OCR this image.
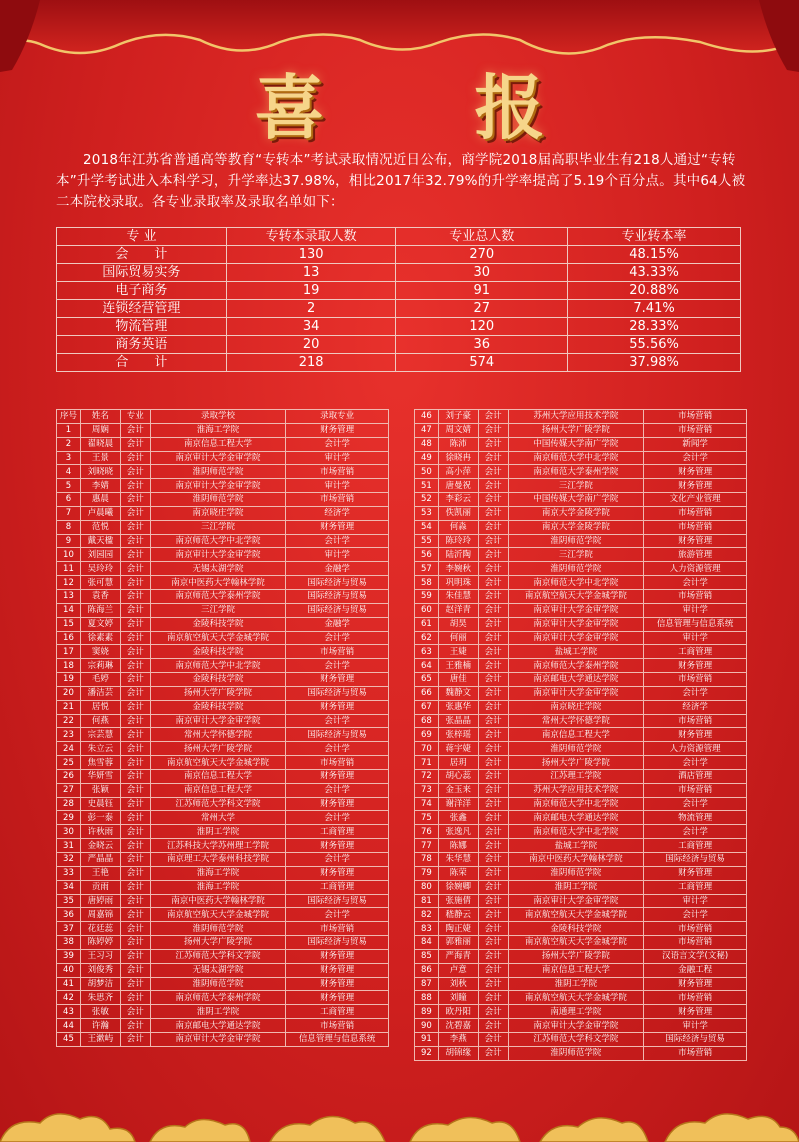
喜 报
2018年江苏省普通高等教育“专转本”考试录取情况近日公布，商学院2018届高职毕业生有218人通过“专转本”升学考试进入本科学习，升学率达37.98%，相比2017年32.79%的升学率提高了5.19个百分点。其中64人被二本院校录取。各专业录取率及录取名单如下：
专 业	专转本录取人数	专业总人数	专业转本率
会　　计	130	270	48.15%
国际贸易实务	13	30	43.33%
电子商务	19	91	20.88%
连锁经营管理	2	27	7.41%
物流管理	34	120	28.33%
商务英语	20	36	55.56%
合　　计	218	574	37.98%
序号	姓名	专业	录取学校	录取专业
1	周娴	会计	淮海工学院	财务管理
2	翟晓晨	会计	南京信息工程大学	会计学
3	王景	会计	南京审计大学金审学院	审计学
4	刘晓晓	会计	淮阴师范学院	市场营销
5	李婧	会计	南京审计大学金审学院	审计学
6	惠晨	会计	淮阴师范学院	市场营销
7	卢晨曦	会计	南京晓庄学院	经济学
8	范悦	会计	三江学院	财务管理
9	戴天楹	会计	南京师范大学中北学院	会计学
10	刘园园	会计	南京审计大学金审学院	审计学
11	吴玲玲	会计	无锡太湖学院	金融学
12	张可慧	会计	南京中医药大学翰林学院	国际经济与贸易
13	袁香	会计	南京师范大学泰州学院	国际经济与贸易
14	陈海兰	会计	三江学院	国际经济与贸易
15	夏文婷	会计	金陵科技学院	金融学
16	徐素素	会计	南京航空航天大学金城学院	会计学
17	窦娆	会计	金陵科技学院	市场营销
18	宗莉琳	会计	南京师范大学中北学院	会计学
19	毛婷	会计	金陵科技学院	财务管理
20	潘洁芸	会计	扬州大学广陵学院	国际经济与贸易
21	居悦	会计	金陵科技学院	财务管理
22	何燕	会计	南京审计大学金审学院	会计学
23	宗芸慧	会计	常州大学怀德学院	国际经济与贸易
24	朱立云	会计	扬州大学广陵学院	会计学
25	焦雪蓉	会计	南京航空航天大学金城学院	市场营销
26	华妍雪	会计	南京信息工程大学	财务管理
27	张颖	会计	南京信息工程大学	会计学
28	史晨钰	会计	江苏师范大学科文学院	财务管理
29	彭一泰	会计	常州大学	会计学
30	许秋雨	会计	淮阴工学院	工商管理
31	金晓云	会计	江苏科技大学苏州理工学院	财务管理
32	严晶晶	会计	南京理工大学泰州科技学院	会计学
33	王艳	会计	淮海工学院	财务管理
34	贡雨	会计	淮海工学院	工商管理
35	唐婷雨	会计	南京中医药大学翰林学院	国际经济与贸易
36	周嘉锦	会计	南京航空航天大学金城学院	会计学
37	花廷蕊	会计	淮阴师范学院	市场营销
38	陈婷婷	会计	扬州大学广陵学院	国际经济与贸易
39	王习习	会计	江苏师范大学科文学院	财务管理
40	刘俊秀	会计	无锡太湖学院	财务管理
41	胡梦洁	会计	淮阴师范学院	财务管理
42	朱思齐	会计	南京师范大学泰州学院	财务管理
43	张敏	会计	淮阴工学院	工商管理
44	许瀚	会计	南京邮电大学通达学院	市场营销
45	王漱屿	会计	南京审计大学金审学院	信息管理与信息系统
46	刘子豪	会计	苏州大学应用技术学院	市场营销
47	周文婧	会计	扬州大学广陵学院	市场营销
48	陈沛	会计	中国传媒大学南广学院	新闻学
49	徐晓冉	会计	南京师范大学中北学院	会计学
50	高小萍	会计	南京师范大学泰州学院	财务管理
51	唐曼祝	会计	三江学院	财务管理
52	李彩云	会计	中国传媒大学南广学院	文化产业管理
53	佚凯丽	会计	南京大学金陵学院	市场营销
54	何淼	会计	南京大学金陵学院	市场营销
55	陈玲玲	会计	淮阴师范学院	财务管理
56	陆沂陶	会计	三江学院	旅游管理
57	李婉秋	会计	淮阴师范学院	人力资源管理
58	巩明珠	会计	南京师范大学中北学院	会计学
59	朱佳慧	会计	南京航空航天大学金城学院	市场营销
60	赵洋青	会计	南京审计大学金审学院	审计学
61	胡昊	会计	南京审计大学金审学院	信息管理与信息系统
62	何丽	会计	南京审计大学金审学院	审计学
63	王婕	会计	盐城工学院	工商管理
64	王雅楠	会计	南京师范大学泰州学院	财务管理
65	唐佳	会计	南京邮电大学通达学院	市场营销
66	魏静文	会计	南京审计大学金审学院	会计学
67	张惠华	会计	南京晓庄学院	经济学
68	张晶晶	会计	常州大学怀德学院	市场营销
69	张梓瑶	会计	南京信息工程大学	财务管理
70	蒋宇婕	会计	淮阴师范学院	人力资源管理
71	居玥	会计	扬州大学广陵学院	会计学
72	胡心蕊	会计	江苏理工学院	酒店管理
73	金玉来	会计	苏州大学应用技术学院	市场营销
74	谢洋洋	会计	南京师范大学中北学院	会计学
75	张鑫	会计	南京邮电大学通达学院	物流管理
76	张逸凡	会计	南京师范大学中北学院	会计学
77	陈娜	会计	盐城工学院	工商管理
78	朱华慧	会计	南京中医药大学翰林学院	国际经济与贸易
79	陈荣	会计	淮阴师范学院	财务管理
80	徐婉卿	会计	淮阴工学院	工商管理
81	张施倩	会计	南京审计大学金审学院	审计学
82	嵇静云	会计	南京航空航天大学金城学院	会计学
83	陶正婕	会计	金陵科技学院	市场营销
84	郭雅丽	会计	南京航空航天大学金城学院	市场营销
85	严海青	会计	扬州大学广陵学院	汉语言文学(文秘)
86	卢意	会计	南京信息工程大学	金融工程
87	刘秋	会计	淮阴工学院	财务管理
88	刘瞳	会计	南京航空航天大学金城学院	市场营销
89	欧丹阳	会计	南通理工学院	财务管理
90	沈碧嘉	会计	南京审计大学金审学院	审计学
91	李燕	会计	江苏师范大学科文学院	国际经济与贸易
92	胡锦缘	会计	淮阴师范学院	市场营销
